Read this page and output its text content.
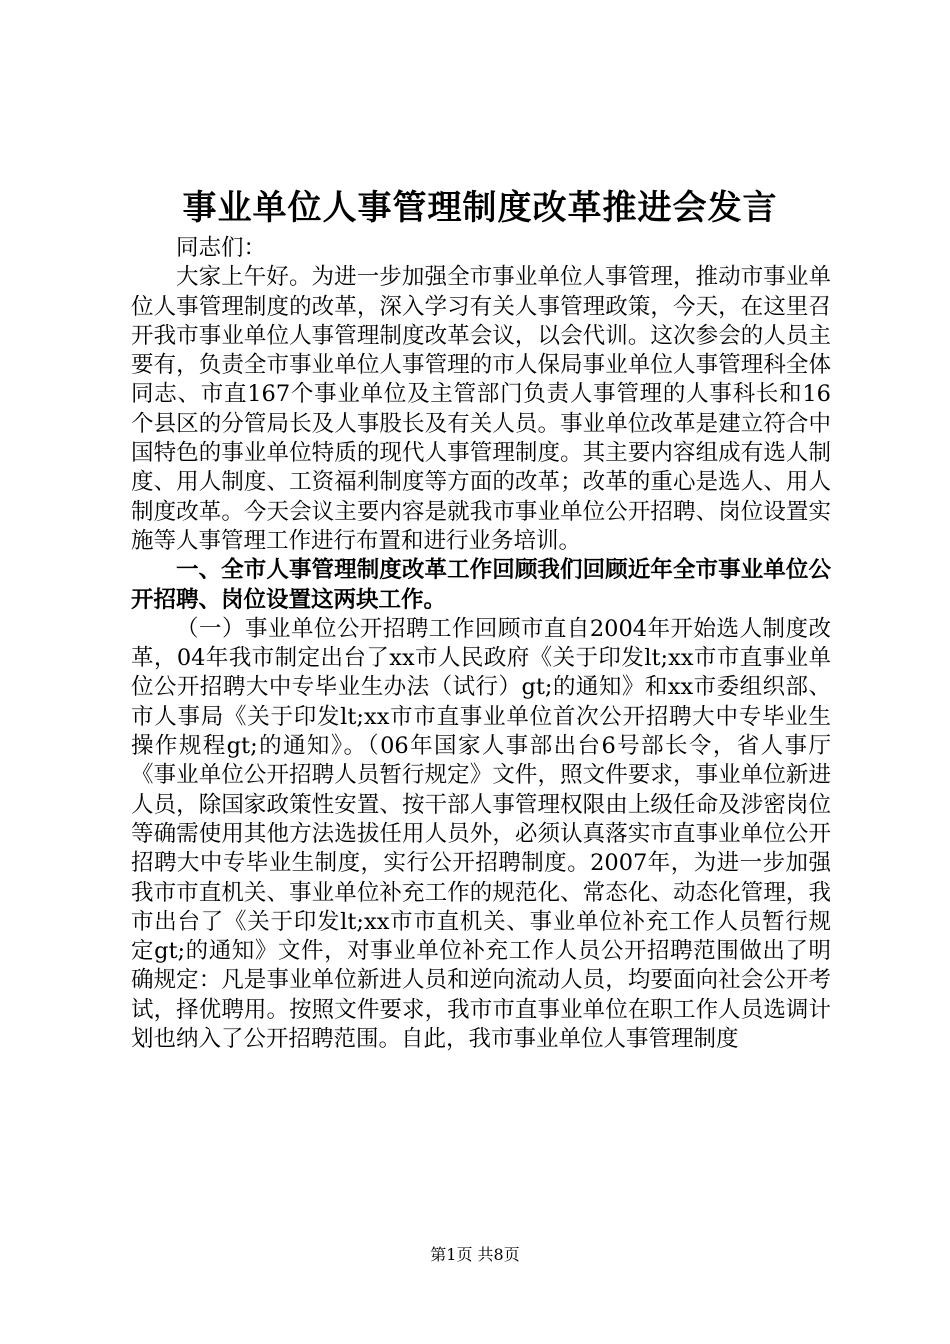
事业单位人事管理制度改革推进会发言

同志们：

大家上午好。为进一步加强全市事业单位人事管理，推动市事业单位人事管理制度的改革，深入学习有关人事管理政策，今天，在这里召开我市事业单位人事管理制度改革会议，以会代训。这次参会的人员主要有，负责全市事业单位人事管理的市人保局事业单位人事管理科全体同志、市直167个事业单位及主管部门负责人事管理的人事科长和16个县区的分管局长及人事股长及有关人员。事业单位改革是建立符合中国特色的事业单位特质的现代人事管理制度。其主要内容组成有选人制度、用人制度、工资福利制度等方面的改革；改革的重心是选人、用人制度改革。今天会议主要内容是就我市事业单位公开招聘、岗位设置实施等人事管理工作进行布置和进行业务培训。

一、全市人事管理制度改革工作回顾我们回顾近年全市事业单位公开招聘、岗位设置这两块工作。

（一）事业单位公开招聘工作回顾市直自2004年开始选人制度改革，04年我市制定出台了xx市人民政府《关于印发lt;xx市市直事业单位公开招聘大中专毕业生办法（试行）gt;的通知》和xx市委组织部、市人事局《关于印发lt;xx市市直事业单位首次公开招聘大中专毕业生操作规程gt;的通知》。（06年国家人事部出台6号部长令，省人事厅《事业单位公开招聘人员暂行规定》文件，照文件要求，事业单位新进人员，除国家政策性安置、按干部人事管理权限由上级任命及涉密岗位等确需使用其他方法选拔任用人员外，必须认真落实市直事业单位公开招聘大中专毕业生制度，实行公开招聘制度。2007年，为进一步加强我市市直机关、事业单位补充工作的规范化、常态化、动态化管理，我市出台了《关于印发lt;xx市市直机关、事业单位补充工作人员暂行规定gt;的通知》文件，对事业单位补充工作人员公开招聘范围做出了明确规定：凡是事业单位新进人员和逆向流动人员，均要面向社会公开考试，择优聘用。按照文件要求，我市市直事业单位在职工作人员选调计划也纳入了公开招聘范围。自此，我市事业单位人事管理制度

第1页 共8页
